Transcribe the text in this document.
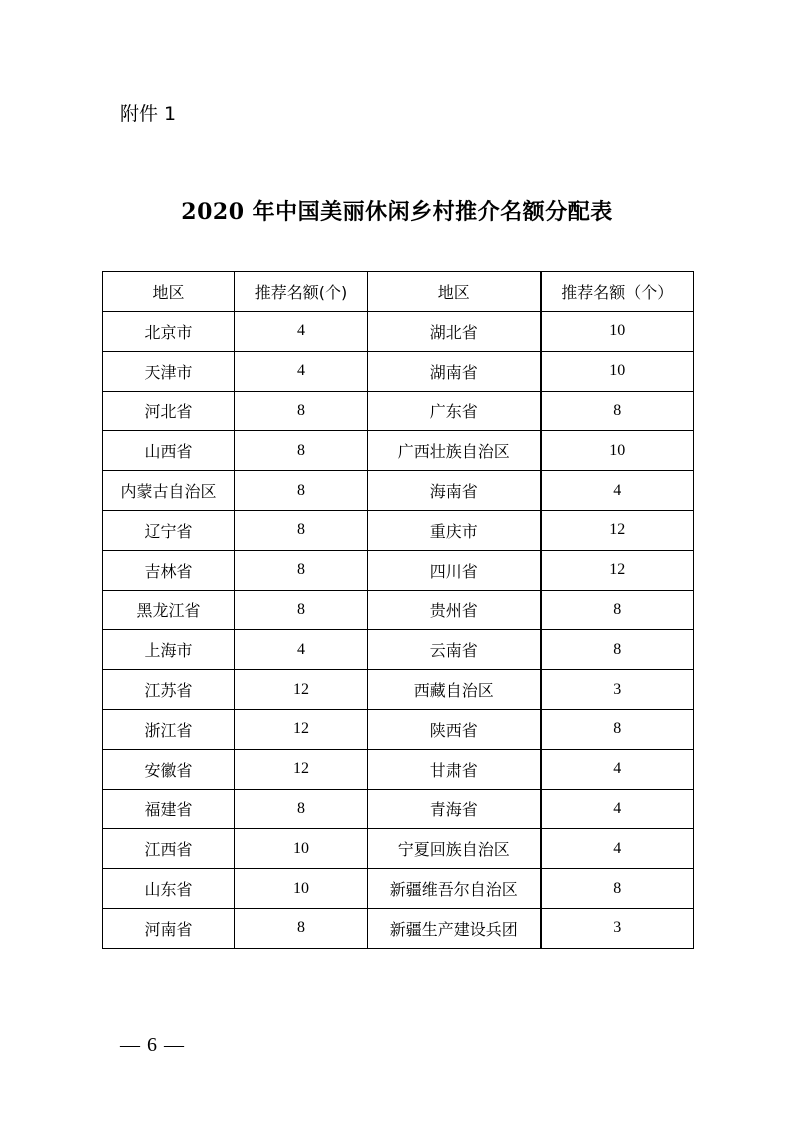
附件 1
2020 年中国美丽休闲乡村推介名额分配表
地区	推荐名额(个)	地区	推荐名额（个）
北京市	4	湖北省	10
天津市	4	湖南省	10
河北省	8	广东省	8
山西省	8	广西壮族自治区	10
内蒙古自治区	8	海南省	4
辽宁省	8	重庆市	12
吉林省	8	四川省	12
黑龙江省	8	贵州省	8
上海市	4	云南省	8
江苏省	12	西藏自治区	3
浙江省	12	陕西省	8
安徽省	12	甘肃省	4
福建省	8	青海省	4
江西省	10	宁夏回族自治区	4
山东省	10	新疆维吾尔自治区	8
河南省	8	新疆生产建设兵团	3
— 6 —
